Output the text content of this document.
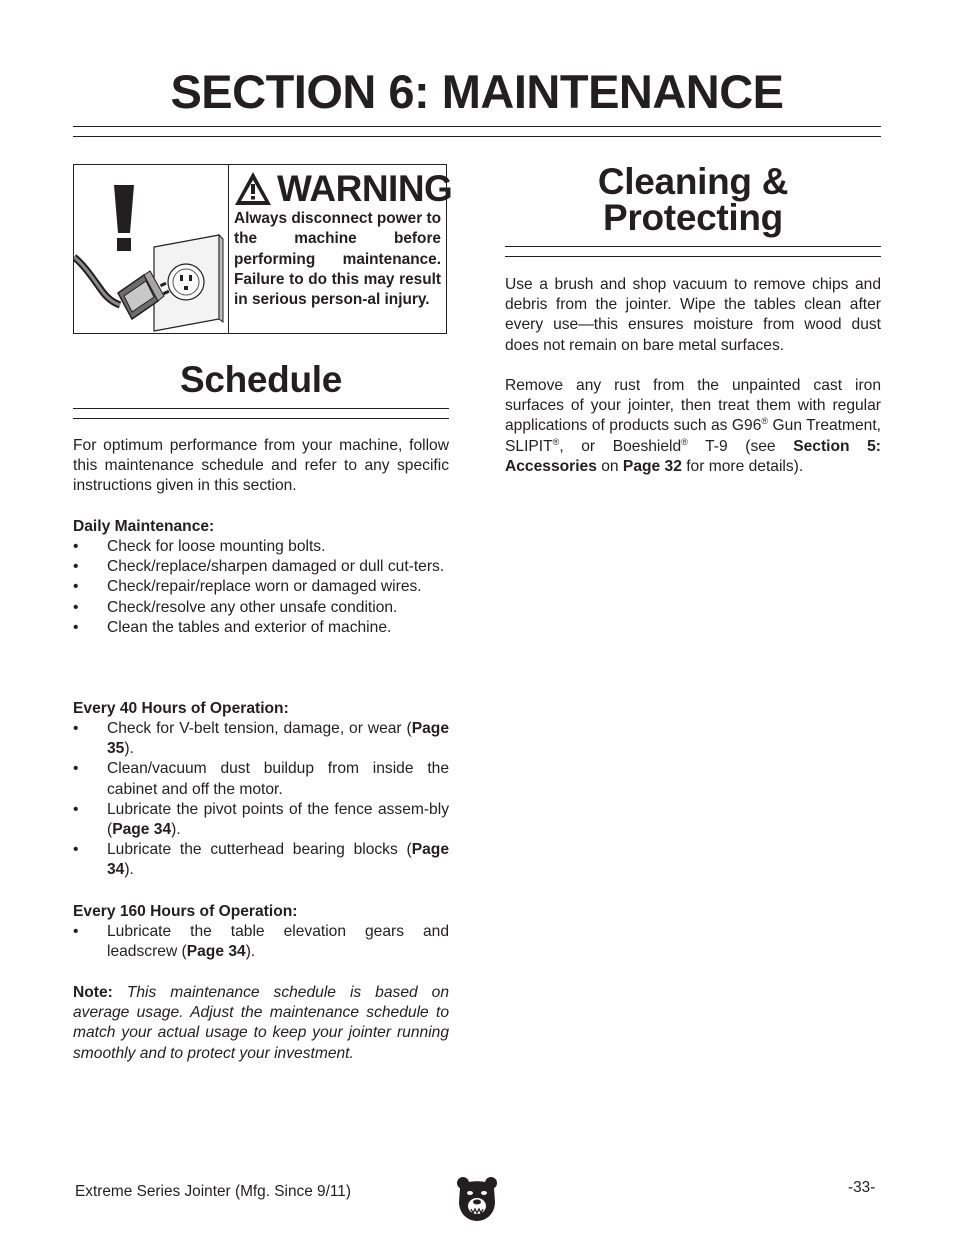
SECTION 6: MAINTENANCE
WARNING
Always disconnect power to the machine before performing maintenance. Failure to do this may result in serious person-al injury.
Schedule
For optimum performance from your machine, follow this maintenance schedule and refer to any specific instructions given in this section.
Daily Maintenance:
• Check for loose mounting bolts.
• Check/replace/sharpen damaged or dull cut-ters.
• Check/repair/replace worn or damaged wires.
• Check/resolve any other unsafe condition.
• Clean the tables and exterior of machine.
Every 40 Hours of Operation:
• Check for V-belt tension, damage, or wear (Page 35).
• Clean/vacuum dust buildup from inside the cabinet and off the motor.
• Lubricate the pivot points of the fence assem-bly (Page 34).
• Lubricate the cutterhead bearing blocks (Page 34).
Every 160 Hours of Operation:
• Lubricate the table elevation gears and leadscrew (Page 34).
Note: This maintenance schedule is based on average usage. Adjust the maintenance schedule to match your actual usage to keep your jointer running smoothly and to protect your investment.
Cleaning &
Protecting
Use a brush and shop vacuum to remove chips and debris from the jointer. Wipe the tables clean after every use—this ensures moisture from wood dust does not remain on bare metal surfaces.
Remove any rust from the unpainted cast iron surfaces of your jointer, then treat them with regular applications of products such as G96® Gun Treatment, SLIPIT®, or Boeshield® T-9 (see Section 5: Accessories on Page 32 for more details).
Extreme Series Jointer (Mfg. Since 9/11)	-33-
